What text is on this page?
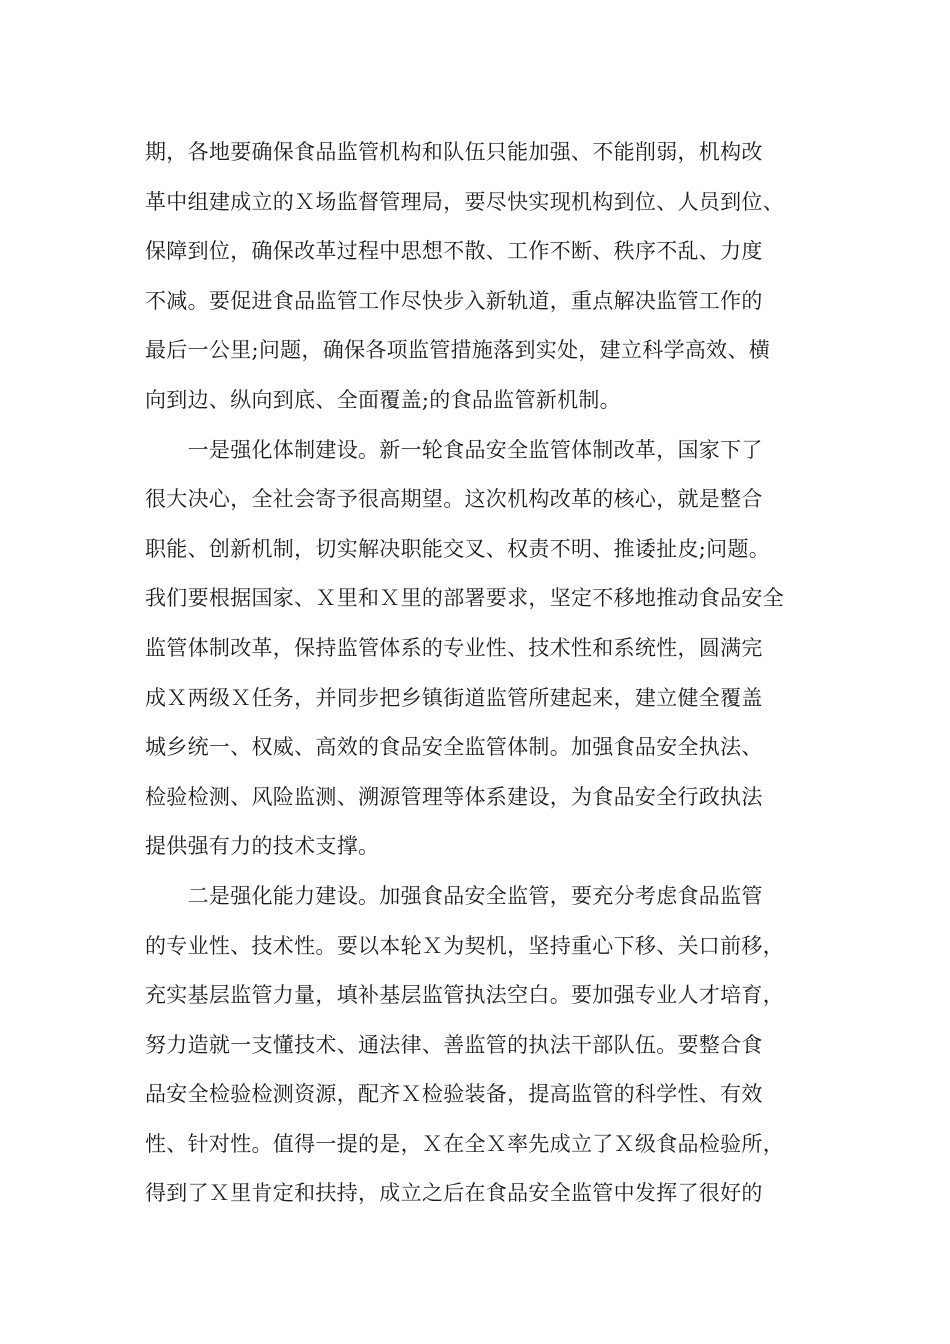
期，各地要确保食品监管机构和队伍只能加强、不能削弱，机构改
革中组建成立的Ｘ场监督管理局，要尽快实现机构到位、人员到位、
保障到位，确保改革过程中思想不散、工作不断、秩序不乱、力度
不减。要促进食品监管工作尽快步入新轨道，重点解决监管工作的
最后一公里;问题，确保各项监管措施落到实处，建立科学高效、横
向到边、纵向到底、全面覆盖;的食品监管新机制。
　　一是强化体制建设。新一轮食品安全监管体制改革，国家下了
很大决心，全社会寄予很高期望。这次机构改革的核心，就是整合
职能、创新机制，切实解决职能交叉、权责不明、推诿扯皮;问题。
我们要根据国家、Ｘ里和Ｘ里的部署要求，坚定不移地推动食品安全
监管体制改革，保持监管体系的专业性、技术性和系统性，圆满完
成Ｘ两级Ｘ任务，并同步把乡镇街道监管所建起来，建立健全覆盖
城乡统一、权威、高效的食品安全监管体制。加强食品安全执法、
检验检测、风险监测、溯源管理等体系建设，为食品安全行政执法
提供强有力的技术支撑。
　　二是强化能力建设。加强食品安全监管，要充分考虑食品监管
的专业性、技术性。要以本轮Ｘ为契机，坚持重心下移、关口前移，
充实基层监管力量，填补基层监管执法空白。要加强专业人才培育，
努力造就一支懂技术、通法律、善监管的执法干部队伍。要整合食
品安全检验检测资源，配齐Ｘ检验装备，提高监管的科学性、有效
性、针对性。值得一提的是，Ｘ在全Ｘ率先成立了Ｘ级食品检验所，
得到了Ｘ里肯定和扶持，成立之后在食品安全监管中发挥了很好的
